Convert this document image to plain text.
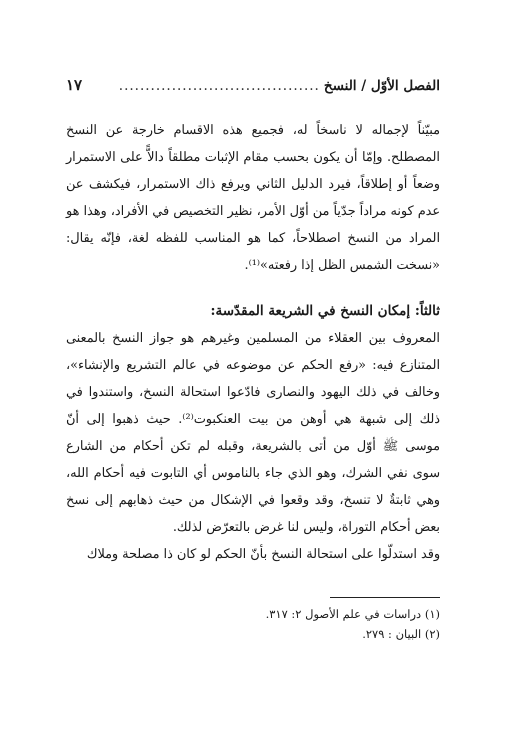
الفصل الأوّل / النسخ
......................................
١٧

مبيّناً لإجماله لا ناسخاً له، فجميع هذه الاقسام خارجة عن النسخ المصطلح. وإمّا أن يكون بحسب مقام الإثبات مطلقاً دالاًّ على الاستمرار وضعاً أو إطلاقاً، فيرد الدليل الثاني ويرفع ذاك الاستمرار، فيكشف عن عدم كونه مراداً جدّياً من أوّل الأمر، نظير التخصيص في الأفراد، وهذا هو المراد من النسخ اصطلاحاً، كما هو المناسب للفظه لغة، فإنّه يقال: «نسخت الشمس الظل إذا رفعته»⁽¹⁾.

ثالثاً: إمكان النسخ في الشريعة المقدّسة:

المعروف بين العقلاء من المسلمين وغيرهم هو جواز النسخ بالمعنى المتنازع فيه: «رفع الحكم عن موضوعه في عالم التشريع والإنشاء»، وخالف في ذلك اليهود والنصارى فادّعوا استحالة النسخ، واستندوا في ذلك إلى شبهة هي أوهن من بيت العنكبوت⁽²⁾. حيث ذهبوا إلى أنّ موسى ﷺ أوّل من أتى بالشريعة، وقبله لم تكن أحكام من الشارع سوى نفي الشرك، وهو الذي جاء بالناموس أي التابوت فيه أحكام الله، وهي ثابتةٌ لا تنسخ، وقد وقعوا في الإشكال من حيث ذهابهم إلى نسخ بعض أحكام التوراة، وليس لنا غرض بالتعرّض لذلك.

وقد استدلّوا على استحالة النسخ بأنّ الحكم لو كان ذا مصلحة وملاك

(١) دراسات في علم الأصول ٢: ٣١٧.

(٢) البيان : ٢٧٩.
